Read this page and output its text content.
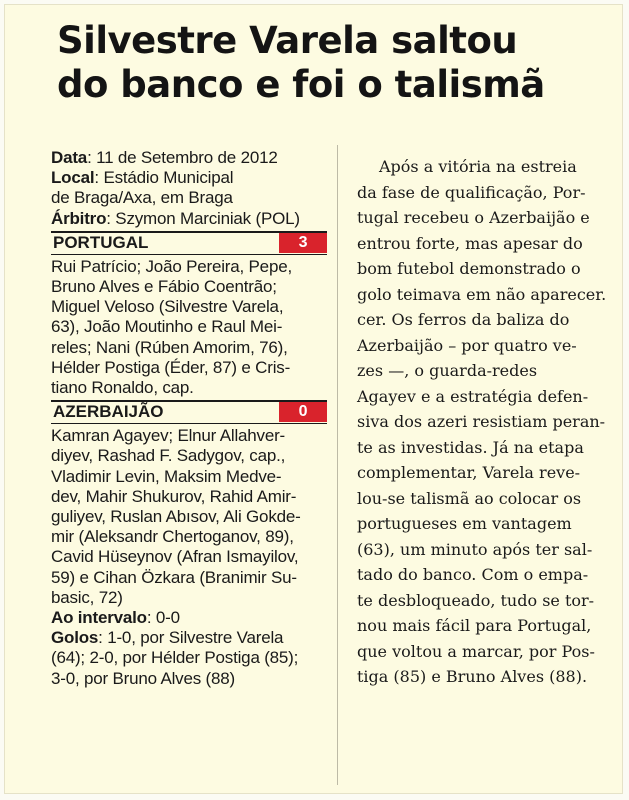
Silvestre Varela saltou
do banco e foi o talismã
Data: 11 de Setembro de 2012
Local: Estádio Municipal
de Braga/Axa, em Braga
Árbitro: Szymon Marciniak (POL)
PORTUGAL	3
Rui Patrício; João Pereira, Pepe,
Bruno Alves e Fábio Coentrão;
Miguel Veloso (Silvestre Varela,
63), João Moutinho e Raul Mei-
reles; Nani (Rúben Amorim, 76),
Hélder Postiga (Éder, 87) e Cris-
tiano Ronaldo, cap.
AZERBAIJÃO	0
Kamran Agayev; Elnur Allahver-
diyev, Rashad F. Sadygov, cap.,
Vladimir Levin, Maksim Medve-
dev, Mahir Shukurov, Rahid Amir-
guliyev, Ruslan Abısov, Ali Gokde-
mir (Aleksandr Chertoganov, 89),
Cavid Hüseynov (Afran Ismayilov,
59) e Cihan Özkara (Branimir Su-
basic, 72)
Ao intervalo: 0-0
Golos: 1-0, por Silvestre Varela
(64); 2-0, por Hélder Postiga (85);
3-0, por Bruno Alves (88)
Após a vitória na estreia
da fase de qualificação, Por-
tugal recebeu o Azerbaijão e
entrou forte, mas apesar do
bom futebol demonstrado o
golo teimava em não aparecer.
cer. Os ferros da baliza do
Azerbaijão – por quatro ve-
zes —, o guarda-redes
Agayev e a estratégia defen-
siva dos azeri resistiam peran-
te as investidas. Já na etapa
complementar, Varela reve-
lou-se talismã ao colocar os
portugueses em vantagem
(63), um minuto após ter sal-
tado do banco. Com o empa-
te desbloqueado, tudo se tor-
nou mais fácil para Portugal,
que voltou a marcar, por Pos-
tiga (85) e Bruno Alves (88).
